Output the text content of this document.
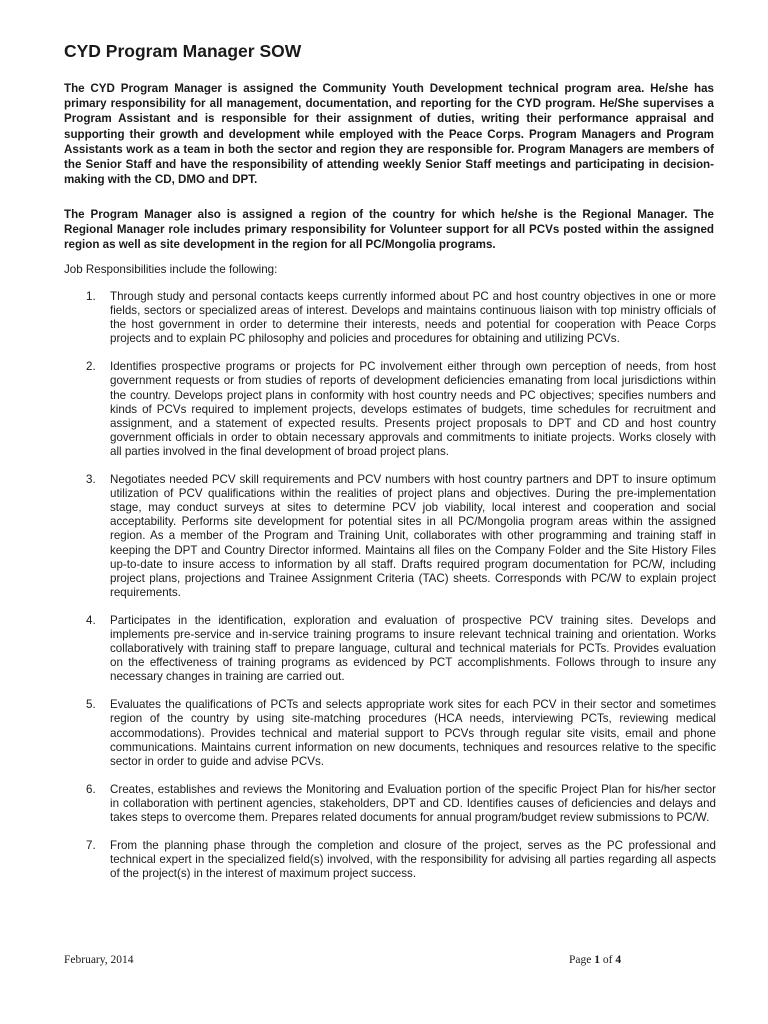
CYD Program Manager SOW

The CYD Program Manager is assigned the Community Youth Development technical program area. He/she has primary responsibility for all management, documentation, and reporting for the CYD program. He/She supervises a Program Assistant and is responsible for their assignment of duties, writing their performance appraisal and supporting their growth and development while employed with the Peace Corps. Program Managers and Program Assistants work as a team in both the sector and region they are responsible for. Program Managers are members of the Senior Staff and have the responsibility of attending weekly Senior Staff meetings and participating in decision-making with the CD, DMO and DPT.

The Program Manager also is assigned a region of the country for which he/she is the Regional Manager. The Regional Manager role includes primary responsibility for Volunteer support for all PCVs posted within the assigned region as well as site development in the region for all PC/Mongolia programs.

Job Responsibilities include the following:
1. Through study and personal contacts keeps currently informed about PC and host country objectives in one or more fields, sectors or specialized areas of interest. Develops and maintains continuous liaison with top ministry officials of the host government in order to determine their interests, needs and potential for cooperation with Peace Corps projects and to explain PC philosophy and policies and procedures for obtaining and utilizing PCVs.
2. Identifies prospective programs or projects for PC involvement either through own perception of needs, from host government requests or from studies of reports of development deficiencies emanating from local jurisdictions within the country. Develops project plans in conformity with host country needs and PC objectives; specifies numbers and kinds of PCVs required to implement projects, develops estimates of budgets, time schedules for recruitment and assignment, and a statement of expected results. Presents project proposals to DPT and CD and host country government officials in order to obtain necessary approvals and commitments to initiate projects. Works closely with all parties involved in the final development of broad project plans.
3. Negotiates needed PCV skill requirements and PCV numbers with host country partners and DPT to insure optimum utilization of PCV qualifications within the realities of project plans and objectives. During the pre-implementation stage, may conduct surveys at sites to determine PCV job viability, local interest and cooperation and social acceptability. Performs site development for potential sites in all PC/Mongolia program areas within the assigned region. As a member of the Program and Training Unit, collaborates with other programming and training staff in keeping the DPT and Country Director informed. Maintains all files on the Company Folder and the Site History Files up-to-date to insure access to information by all staff. Drafts required program documentation for PC/W, including project plans, projections and Trainee Assignment Criteria (TAC) sheets. Corresponds with PC/W to explain project requirements.
4. Participates in the identification, exploration and evaluation of prospective PCV training sites. Develops and implements pre-service and in-service training programs to insure relevant technical training and orientation. Works collaboratively with training staff to prepare language, cultural and technical materials for PCTs. Provides evaluation on the effectiveness of training programs as evidenced by PCT accomplishments. Follows through to insure any necessary changes in training are carried out.
5. Evaluates the qualifications of PCTs and selects appropriate work sites for each PCV in their sector and sometimes region of the country by using site-matching procedures (HCA needs, interviewing PCTs, reviewing medical accommodations). Provides technical and material support to PCVs through regular site visits, email and phone communications. Maintains current information on new documents, techniques and resources relative to the specific sector in order to guide and advise PCVs.
6. Creates, establishes and reviews the Monitoring and Evaluation portion of the specific Project Plan for his/her sector in collaboration with pertinent agencies, stakeholders, DPT and CD. Identifies causes of deficiencies and delays and takes steps to overcome them. Prepares related documents for annual program/budget review submissions to PC/W.
7. From the planning phase through the completion and closure of the project, serves as the PC professional and technical expert in the specialized field(s) involved, with the responsibility for advising all parties regarding all aspects of the project(s) in the interest of maximum project success.
February, 2014	Page 1 of 4
